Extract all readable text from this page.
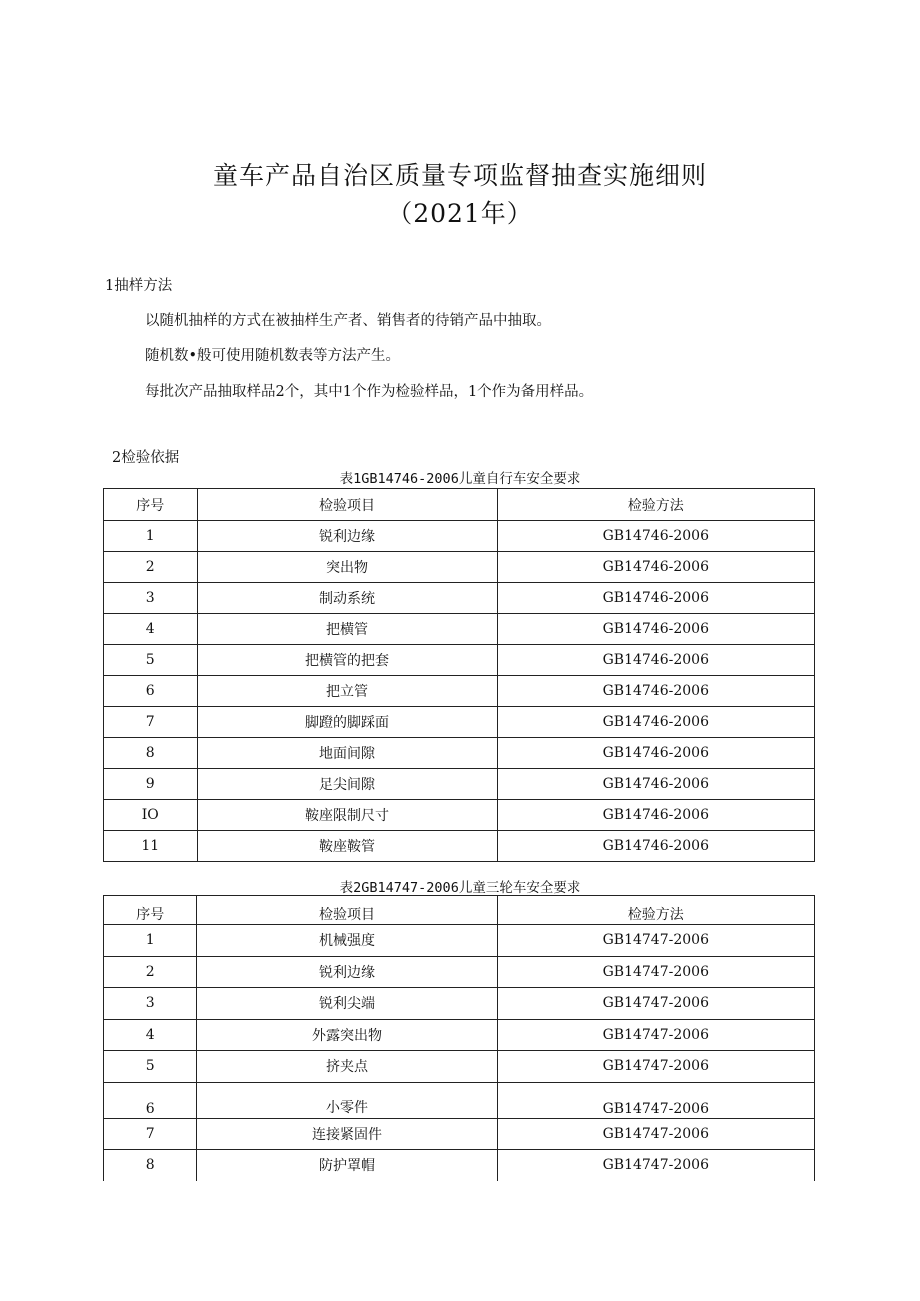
童车产品自治区质量专项监督抽查实施细则
（2021年）
1抽样方法
以随机抽样的方式在被抽样生产者、销售者的待销产品中抽取。
随机数•般可使用随机数表等方法产生。
每批次产品抽取样品2个，其中1个作为检验样品，1个作为备用样品。
2检验依据
表1GB14746-2006儿童自行车安全要求
序号	检验项目	检验方法
1	锐利边缘	GB14746-2006
2	突出物	GB14746-2006
3	制动系统	GB14746-2006
4	把横管	GB14746-2006
5	把横管的把套	GB14746-2006
6	把立管	GB14746-2006
7	脚蹬的脚踩面	GB14746-2006
8	地面间隙	GB14746-2006
9	足尖间隙	GB14746-2006
IO	鞍座限制尺寸	GB14746-2006
11	鞍座鞍管	GB14746-2006
表2GB14747-2006儿童三轮车安全要求
序号	检验项目	检验方法
1	机械强度	GB14747-2006
2	锐利边缘	GB14747-2006
3	锐利尖端	GB14747-2006
4	外露突出物	GB14747-2006
5	挤夹点	GB14747-2006
6	小零件	GB14747-2006
7	连接紧固件	GB14747-2006
8	防护罩帽	GB14747-2006
